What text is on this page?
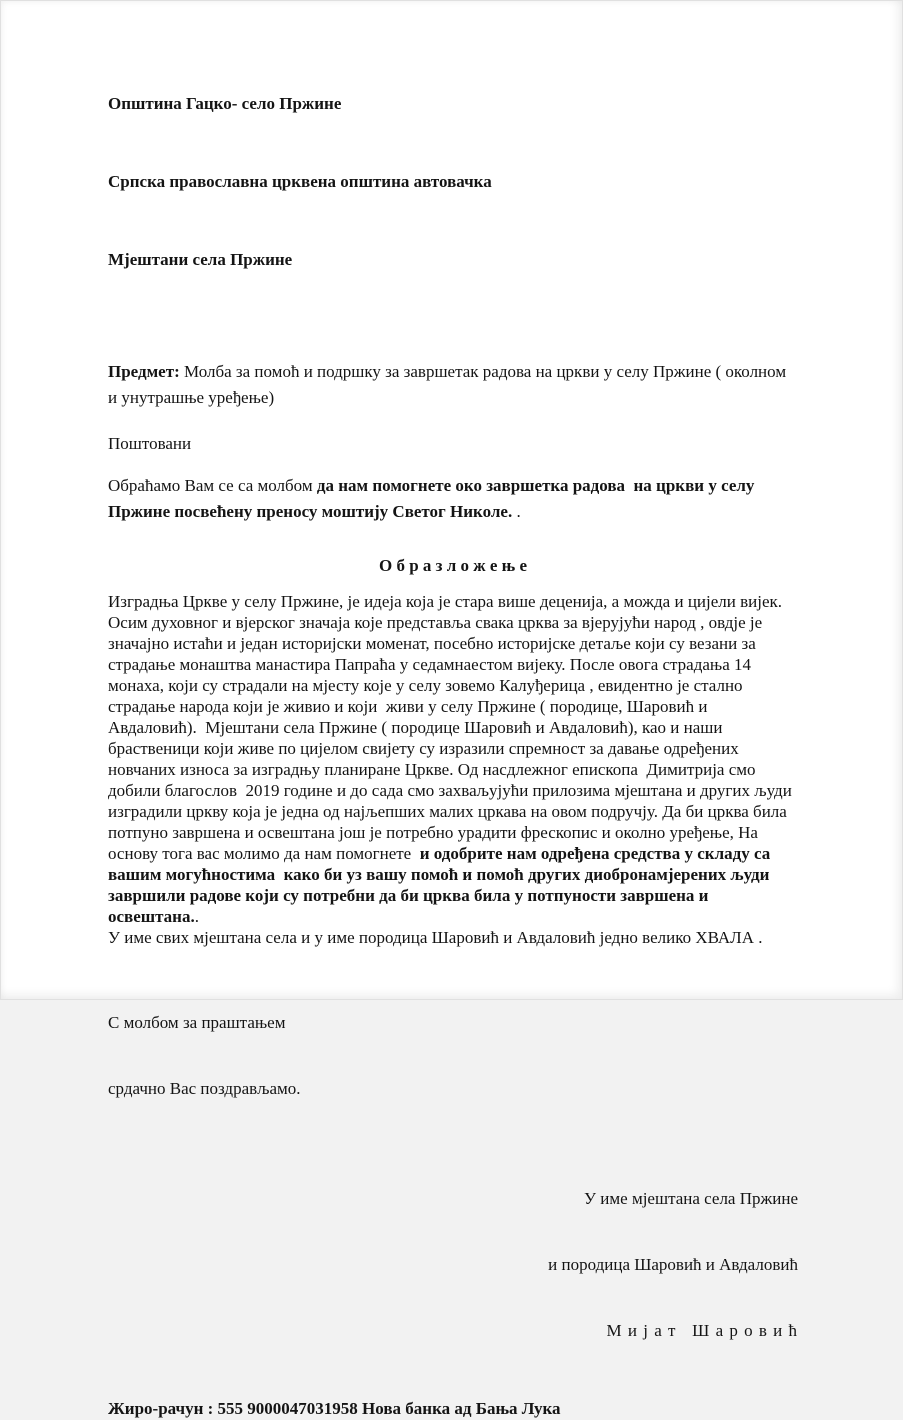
Општина Гацко- село Пржине

Српска православна црквена општина автовачка

Мјештани села Пржине

Предмет: Молба за помоћ и подршку за завршетак радова на цркви у селу Пржине ( околном и унутрашње уређење)
Поштовани
Обраћамо Вам се са молбом да нам помогнете око завршетка радова  на цркви у селу Пржине посвећену преносу моштију Светог Николе. .
О б р а з л о ж е њ е
Изградња Цркве у селу Пржине, је идеја која је стара више деценија, а можда и цијели вијек.  Осим духовног и вјерског значаја које представља свака црква за вјерујући народ , овдје је значајно истаћи и један историјски моменат, посебно историјске детаље који су везани за страдање монаштва манастира Папраћа у седамнаестом вијеку. После овога страдања 14 монаха, који су страдали на мјесту које у селу зовемо Калуђерица , евидентно је стално страдање народа који је живио и који  живи у селу Пржине ( породице, Шаровић и Авдаловић).  Мјештани села Пржине ( породице Шаровић и Авдаловић), као и наши браственици који живе по цијелом свијету су изразили спремност за давање одређених новчаних износа за изградњу планиране Цркве. Од насдлежног епископа  Димитрија смо добили благослов  2019 године и до сада смо захваљујући прилозима мјештана и других људи изградили цркву која је једна од најљепших малих цркава на овом подручју. Да би црква била потпуно завршена и освештана још је потребно урадити фрескопис и околно уређење, На основу тога вас молимо да нам помогнете  и одобрите нам одређена средства у складу са вашим могућностима  како би уз вашу помоћ и помоћ других диобронамјерених људи завршили радове који су потребни да би црква била у потпуности завршена и освештана..
У име свих мјештана села и у име породица Шаровић и Авдаловић једно велико ХВАЛА .

С молбом за праштањем

срдачно Вас поздрављамо.

У име мјештана села Пржине

и породица Шаровић и Авдаловић

М и ј а т   Ш а р о в и ћ

Жиро-рачун : 555 9000047031958 Нова банка ад Бања Лука
